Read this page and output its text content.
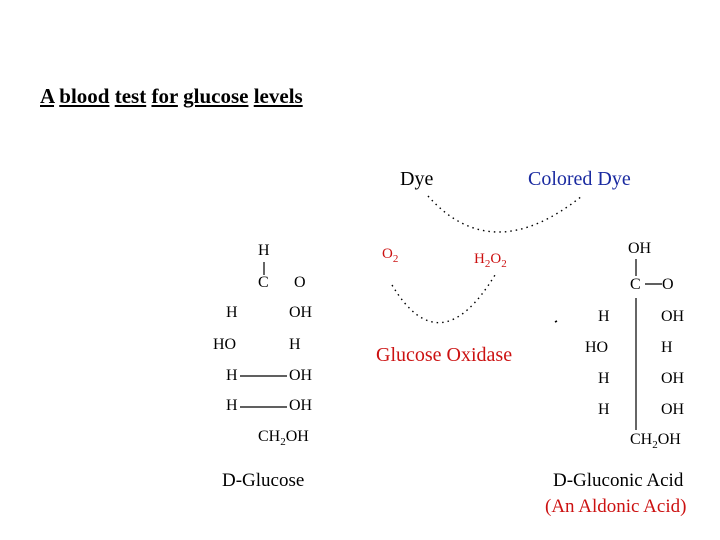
A blood test for glucose levels
Dye	Colored Dye
$O_2$	$H_2O_2$
Glucose Oxidase
H
C O
H	OH
HO	H
H	OH
H	OH
$CH_2OH$
D-Glucose
OH
C O
H	OH
HO	H
H	OH
H	OH
$CH_2OH$
D-Gluconic Acid
(An Aldonic Acid)
